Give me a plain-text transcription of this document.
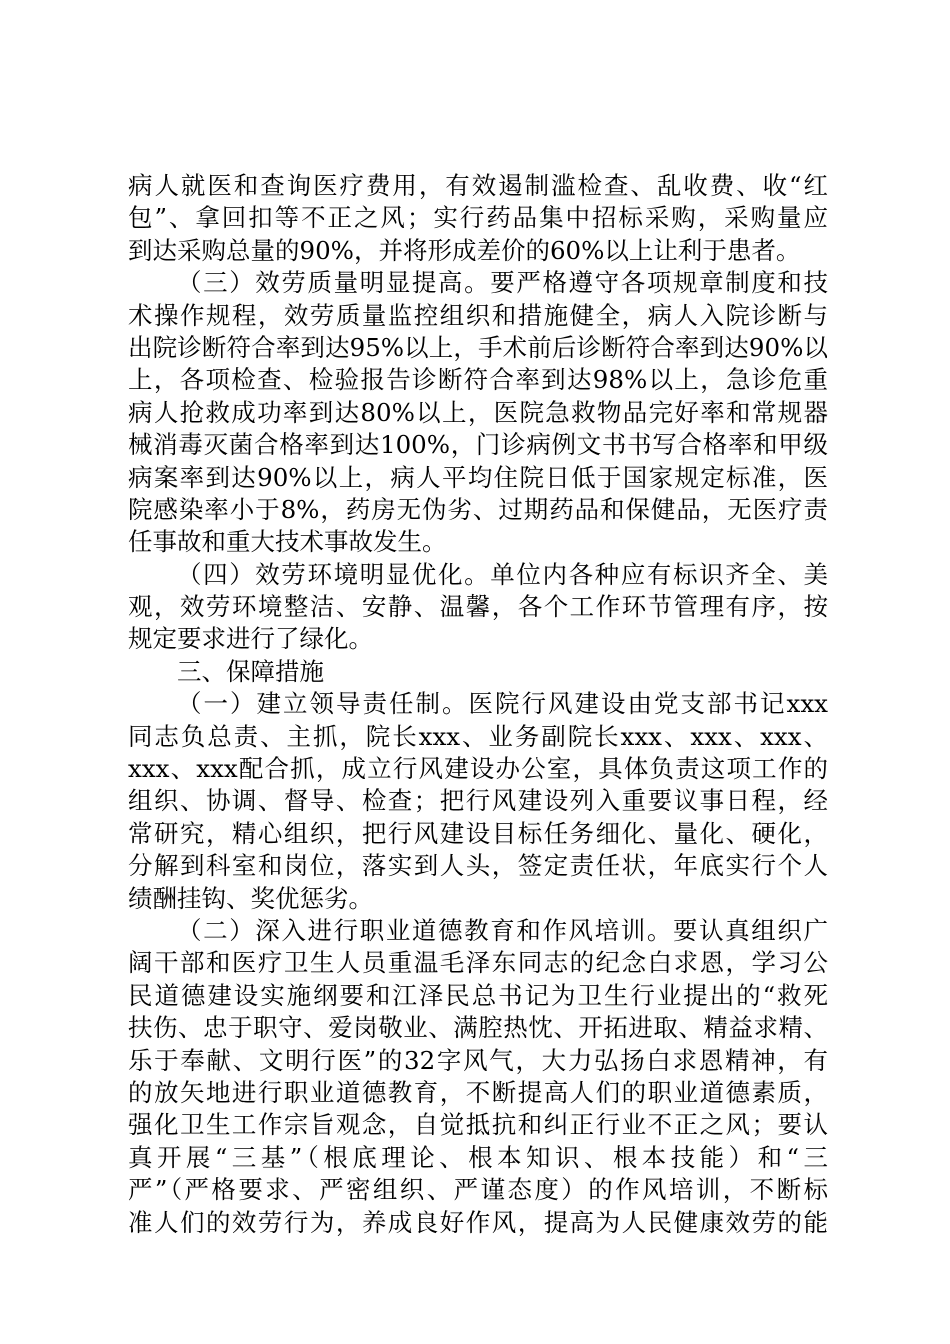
病人就医和查询医疗费用，有效遏制滥检查、乱收费、收“红
包”、拿回扣等不正之风；实行药品集中招标采购，采购量应
到达采购总量的90%，并将形成差价的60%以上让利于患者。
（三）效劳质量明显提高。要严格遵守各项规章制度和技
术操作规程，效劳质量监控组织和措施健全，病人入院诊断与
出院诊断符合率到达95%以上，手术前后诊断符合率到达90%以
上，各项检查、检验报告诊断符合率到达98%以上，急诊危重
病人抢救成功率到达80%以上，医院急救物品完好率和常规器
械消毒灭菌合格率到达100%，门诊病例文书书写合格率和甲级
病案率到达90%以上，病人平均住院日低于国家规定标准，医
院感染率小于8%，药房无伪劣、过期药品和保健品，无医疗责
任事故和重大技术事故发生。
（四）效劳环境明显优化。单位内各种应有标识齐全、美
观，效劳环境整洁、安静、温馨，各个工作环节管理有序，按
规定要求进行了绿化。
三、保障措施
（一）建立领导责任制。医院行风建设由党支部书记xxx
同志负总责、主抓，院长xxx、业务副院长xxx、xxx、xxx、
xxx、xxx配合抓，成立行风建设办公室，具体负责这项工作的
组织、协调、督导、检查；把行风建设列入重要议事日程，经
常研究，精心组织，把行风建设目标任务细化、量化、硬化，
分解到科室和岗位，落实到人头，签定责任状，年底实行个人
绩酬挂钩、奖优惩劣。
（二）深入进行职业道德教育和作风培训。要认真组织广
阔干部和医疗卫生人员重温毛泽东同志的纪念白求恩，学习公
民道德建设实施纲要和江泽民总书记为卫生行业提出的“救死
扶伤、忠于职守、爱岗敬业、满腔热忱、开拓进取、精益求精、
乐于奉献、文明行医”的32字风气，大力弘扬白求恩精神，有
的放矢地进行职业道德教育，不断提高人们的职业道德素质，
强化卫生工作宗旨观念，自觉抵抗和纠正行业不正之风；要认
真开展“三基”（根底理论、根本知识、根本技能）和“三
严”（严格要求、严密组织、严谨态度）的作风培训，不断标
准人们的效劳行为，养成良好作风，提高为人民健康效劳的能
